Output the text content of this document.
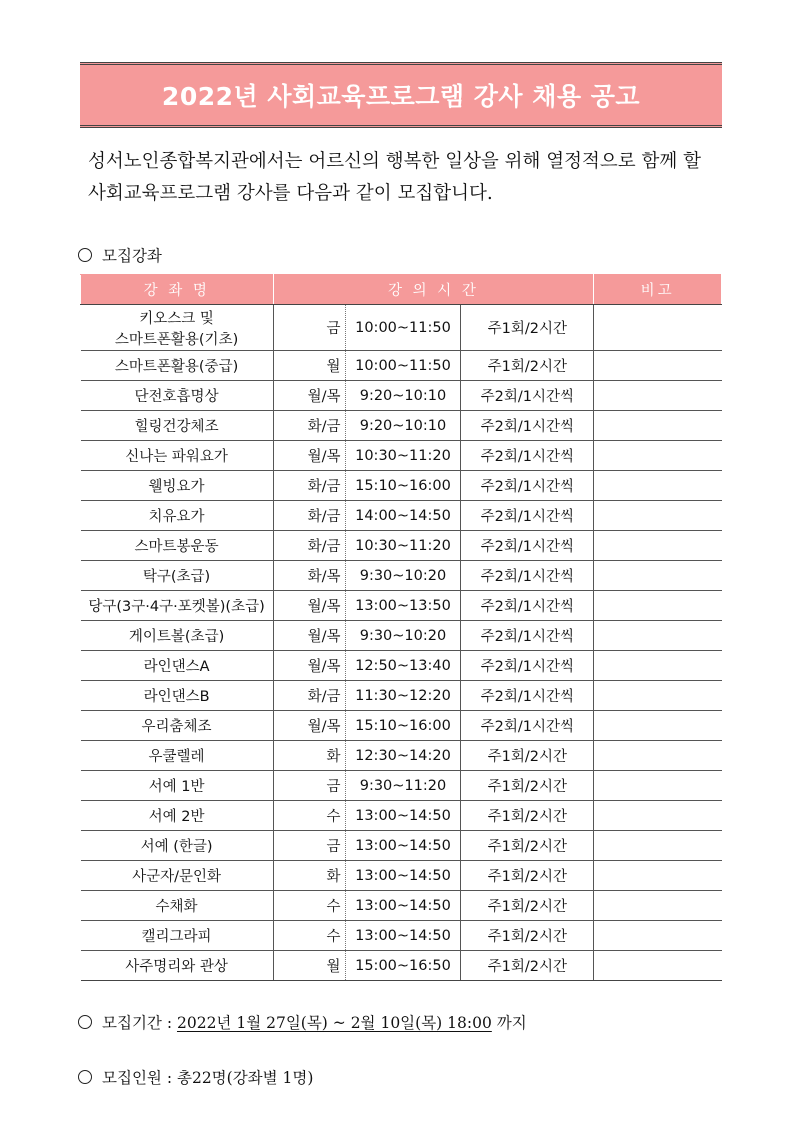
2022년 사회교육프로그램 강사 채용 공고
성서노인종합복지관에서는 어르신의 행복한 일상을 위해 열정적으로 함께 할
사회교육프로그램 강사를 다음과 같이 모집합니다.
모집강좌
강 좌 명	강 의 시 간			비고
키오스크 및
스마트폰활용(기초)	금	10:00~11:50	주1회/2시간	
스마트폰활용(중급)	월	10:00~11:50	주1회/2시간	
단전호흡명상	월/목	9:20~10:10	주2회/1시간씩	
힐링건강체조	화/금	9:20~10:10	주2회/1시간씩	
신나는 파워요가	월/목	10:30~11:20	주2회/1시간씩	
웰빙요가	화/금	15:10~16:00	주2회/1시간씩	
치유요가	화/금	14:00~14:50	주2회/1시간씩	
스마트봉운동	화/금	10:30~11:20	주2회/1시간씩	
탁구(초급)	화/목	9:30~10:20	주2회/1시간씩	
당구(3구·4구·포켓볼)(초급)	월/목	13:00~13:50	주2회/1시간씩	
게이트볼(초급)	월/목	9:30~10:20	주2회/1시간씩	
라인댄스A	월/목	12:50~13:40	주2회/1시간씩	
라인댄스B	화/금	11:30~12:20	주2회/1시간씩	
우리춤체조	월/목	15:10~16:00	주2회/1시간씩	
우쿨렐레	화	12:30~14:20	주1회/2시간	
서예 1반	금	9:30~11:20	주1회/2시간	
서예 2반	수	13:00~14:50	주1회/2시간	
서예 (한글)	금	13:00~14:50	주1회/2시간	
사군자/문인화	화	13:00~14:50	주1회/2시간	
수채화	수	13:00~14:50	주1회/2시간	
캘리그라피	수	13:00~14:50	주1회/2시간	
사주명리와 관상	월	15:00~16:50	주1회/2시간	
모집기간 : 2022년 1월 27일(목) ~ 2월 10일(목) 18:00 까지
모집인원 : 총22명(강좌별 1명)
